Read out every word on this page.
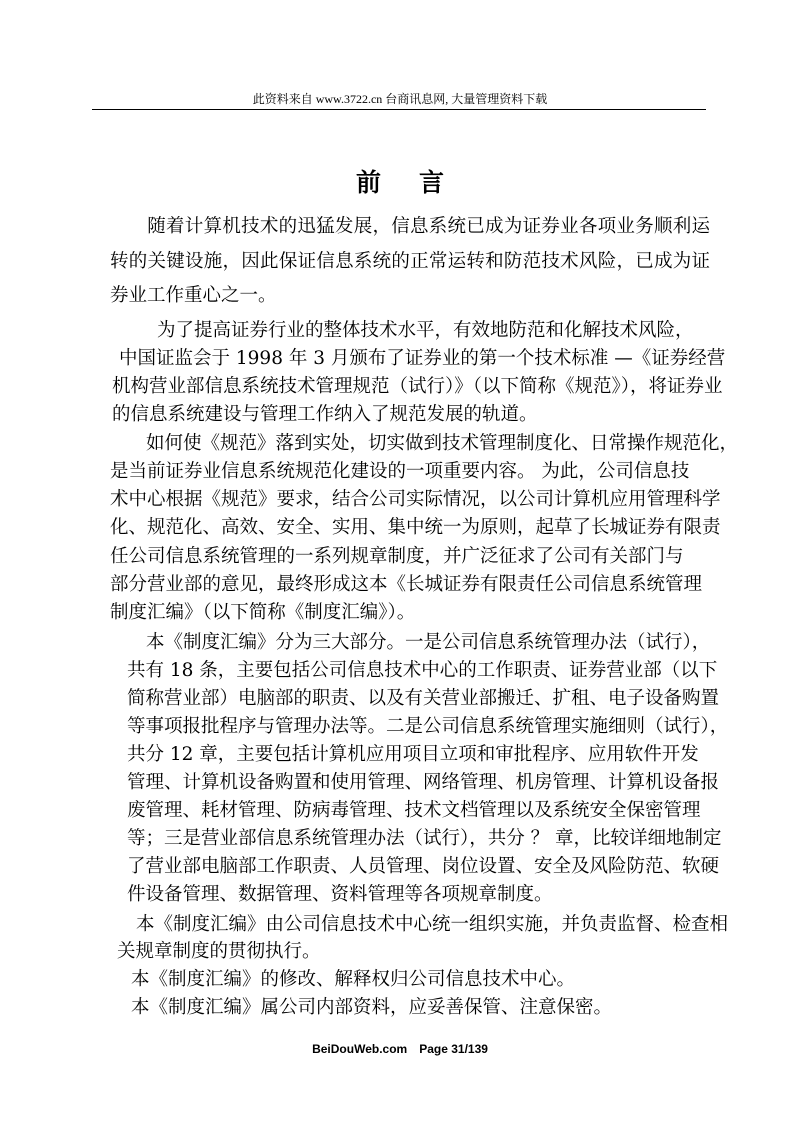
此资料来自 www.3722.cn 台商讯息网, 大量管理资料下载
前言
随着计算机技术的迅猛发展，信息系统已成为证券业各项业务顺利运转的关键设施，因此保证信息系统的正常运转和防范技术风险，已成为证券业工作重心之一。
为了提高证券行业的整体技术水平，有效地防范和化解技术风险，
中国证监会于 1998 年 3 月颁布了证券业的第一个技术标准 —《证券经营
机构营业部信息系统技术管理规范（试行）》（以下简称《规范》），将证券业
的信息系统建设与管理工作纳入了规范发展的轨道。
如何使《规范》落到实处，切实做到技术管理制度化、日常操作规范化，
是当前证券业信息系统规范化建设的一项重要内容。 为此，公司信息技
术中心根据《规范》要求，结合公司实际情况，以公司计算机应用管理科学
化、规范化、高效、安全、实用、集中统一为原则，起草了长城证券有限责
任公司信息系统管理的一系列规章制度，并广泛征求了公司有关部门与
部分营业部的意见，最终形成这本《长城证券有限责任公司信息系统管理
制度汇编》（以下简称《制度汇编》）。
本《制度汇编》分为三大部分。一是公司信息系统管理办法（试行），
共有 18 条，主要包括公司信息技术中心的工作职责、证券营业部（以下
简称营业部）电脑部的职责、以及有关营业部搬迁、扩租、电子设备购置
等事项报批程序与管理办法等。二是公司信息系统管理实施细则（试行），
共分 12 章，主要包括计算机应用项目立项和审批程序、应用软件开发
管理、计算机设备购置和使用管理、网络管理、机房管理、计算机设备报
废管理、耗材管理、防病毒管理、技术文档管理以及系统安全保密管理
等；三是营业部信息系统管理办法（试行），共分 ？ 章，比较详细地制定
了营业部电脑部工作职责、人员管理、岗位设置、安全及风险防范、软硬
件设备管理、数据管理、资料管理等各项规章制度。
本《制度汇编》由公司信息技术中心统一组织实施，并负责监督、检查相
关规章制度的贯彻执行。
本《制度汇编》的修改、解释权归公司信息技术中心。
BeiDouWeb.com Page 31/139
本《制度汇编》属公司内部资料，应妥善保管、注意保密。
